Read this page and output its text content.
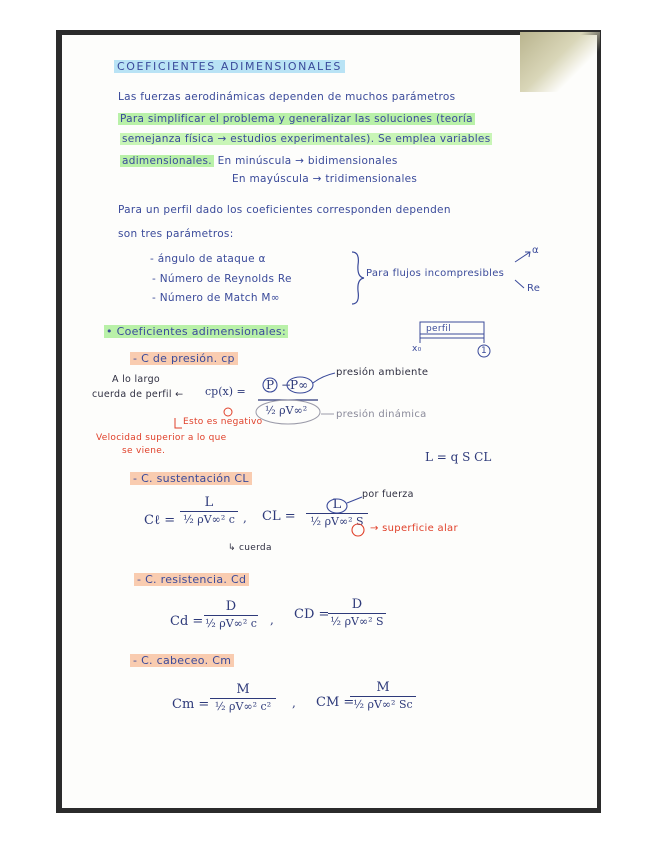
COEFICIENTES ADIMENSIONALES
Las fuerzas aerodinámicas dependen de muchos parámetros
Para simplificar el problema y generalizar las soluciones (teoría
semejanza física → estudios experimentales). Se emplea variables
adimensionales. En minúscula → bidimensionales
En mayúscula → tridimensionales
Para un perfil dado los coeficientes corresponden dependen
son tres parámetros:
- ángulo de ataque α
- Número de Reynolds Re
- Número de Match M∞
Para flujos incompresibles
α
Re
• Coeficientes adimensionales:	perfil
x₀	1
- C de presión. cp
A lo largo
cuerda de perfil ← cp(x) = P −
P∞
½ ρV∞²
presión ambiente
presión dinámica
Esto es negativo
Velocidad superior a lo que
se viene.	L = q S CL
- C. sustentación CL
Cℓ =
L
½ ρV∞² c
↳ cuerda
CL =
L
½ ρV∞² S
por fuerza
→ superficie alar
- C. resistencia. Cd
Cd =
D
½ ρV∞² c
CD =
D
½ ρV∞² S
- C. cabeceo. Cm
Cm =
M
½ ρV∞² c²	CM =
M
½ ρV∞² Sc
,
,
,
